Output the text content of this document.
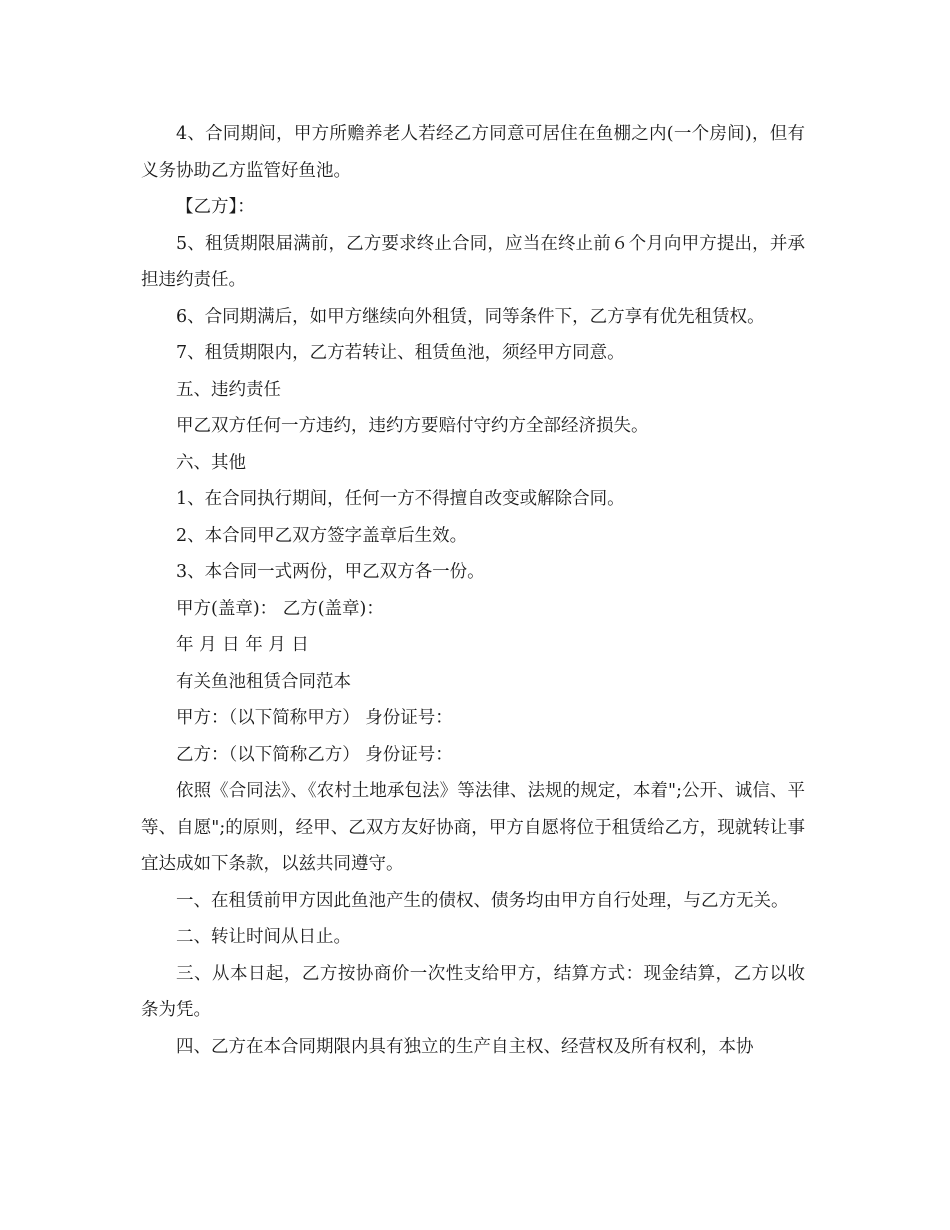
4、合同期间，甲方所赡养老人若经乙方同意可居住在鱼棚之内(一个房间)，但有义务协助乙方监管好鱼池。

【乙方】：

5、租赁期限届满前，乙方要求终止合同，应当在终止前６个月向甲方提出，并承担违约责任。

6、合同期满后，如甲方继续向外租赁，同等条件下，乙方享有优先租赁权。

7、租赁期限内，乙方若转让、租赁鱼池，须经甲方同意。

五、违约责任

甲乙双方任何一方违约，违约方要赔付守约方全部经济损失。

六、其他

1、在合同执行期间，任何一方不得擅自改变或解除合同。

2、本合同甲乙双方签字盖章后生效。

3、本合同一式两份，甲乙双方各一份。

甲方(盖章)： 乙方(盖章)：

年 月 日 年 月 日

有关鱼池租赁合同范本

甲方：（以下简称甲方） 身份证号：

乙方：（以下简称乙方） 身份证号：

依照《合同法》、《农村土地承包法》等法律、法规的规定，本着";公开、诚信、平等、自愿";的原则，经甲、乙双方友好协商，甲方自愿将位于租赁给乙方，现就转让事宜达成如下条款，以兹共同遵守。

一、在租赁前甲方因此鱼池产生的债权、债务均由甲方自行处理，与乙方无关。

二、转让时间从日止。

三、从本日起，乙方按协商价一次性支给甲方，结算方式：现金结算，乙方以收条为凭。

四、乙方在本合同期限内具有独立的生产自主权、经营权及所有权利，本协
